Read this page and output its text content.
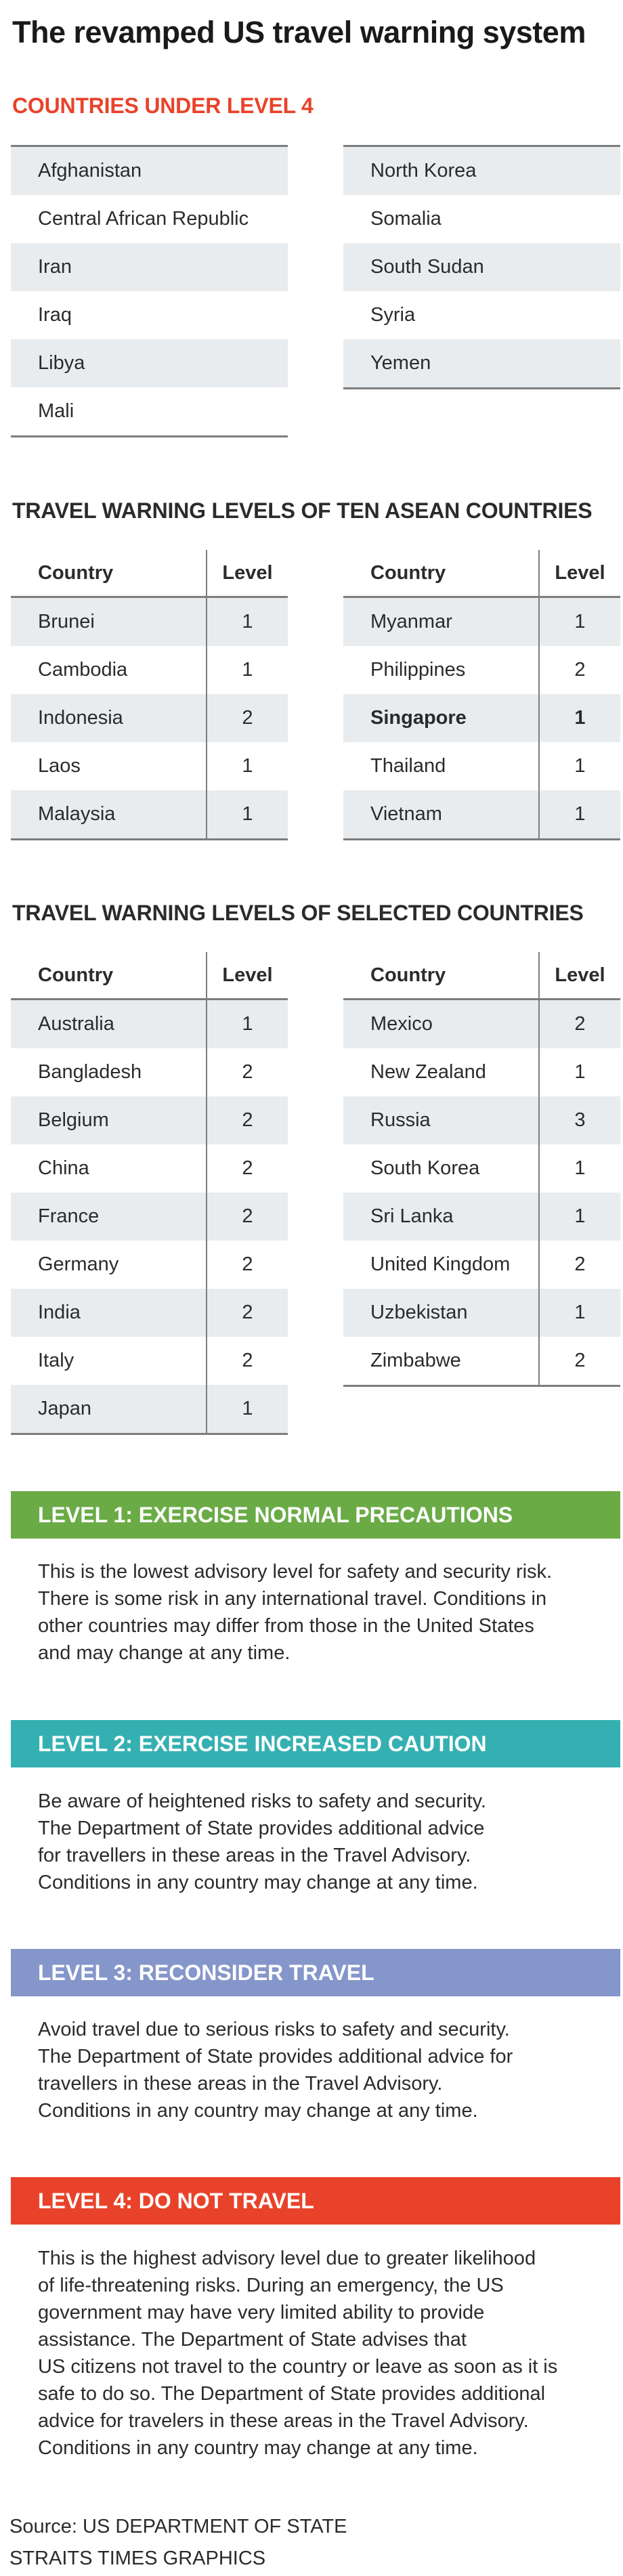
The revamped US travel warning system
COUNTRIES UNDER LEVEL 4
Afghanistan
Central African Republic
Iran
Iraq
Libya
Mali
North Korea
Somalia
South Sudan
Syria
Yemen
TRAVEL WARNING LEVELS OF TEN ASEAN COUNTRIES
Country	Level
Brunei	1
Cambodia	1
Indonesia	2
Laos	1
Malaysia	1
Country	Level
Myanmar	1
Philippines	2
Singapore	1
Thailand	1
Vietnam	1
TRAVEL WARNING LEVELS OF SELECTED COUNTRIES
Country	Level
Australia	1
Bangladesh	2
Belgium	2
China	2
France	2
Germany	2
India	2
Italy	2
Japan	1
Country	Level
Mexico	2
New Zealand	1
Russia	3
South Korea	1
Sri Lanka	1
United Kingdom	2
Uzbekistan	1
Zimbabwe	2
LEVEL 1: EXERCISE NORMAL PRECAUTIONS
This is the lowest advisory level for safety and security risk.
There is some risk in any international travel. Conditions in
other countries may differ from those in the United States
and may change at any time.
LEVEL 2: EXERCISE INCREASED CAUTION
Be aware of heightened risks to safety and security.
The Department of State provides additional advice
for travellers in these areas in the Travel Advisory.
Conditions in any country may change at any time.
LEVEL 3: RECONSIDER TRAVEL
Avoid travel due to serious risks to safety and security.
The Department of State provides additional advice for
travellers in these areas in the Travel Advisory.
Conditions in any country may change at any time.
LEVEL 4: DO NOT TRAVEL
This is the highest advisory level due to greater likelihood
of life-threatening risks. During an emergency, the US
government may have very limited ability to provide
assistance. The Department of State advises that
US citizens not travel to the country or leave as soon as it is
safe to do so. The Department of State provides additional
advice for travelers in these areas in the Travel Advisory.
Conditions in any country may change at any time.

Source: US DEPARTMENT OF STATE

STRAITS TIMES GRAPHICS
